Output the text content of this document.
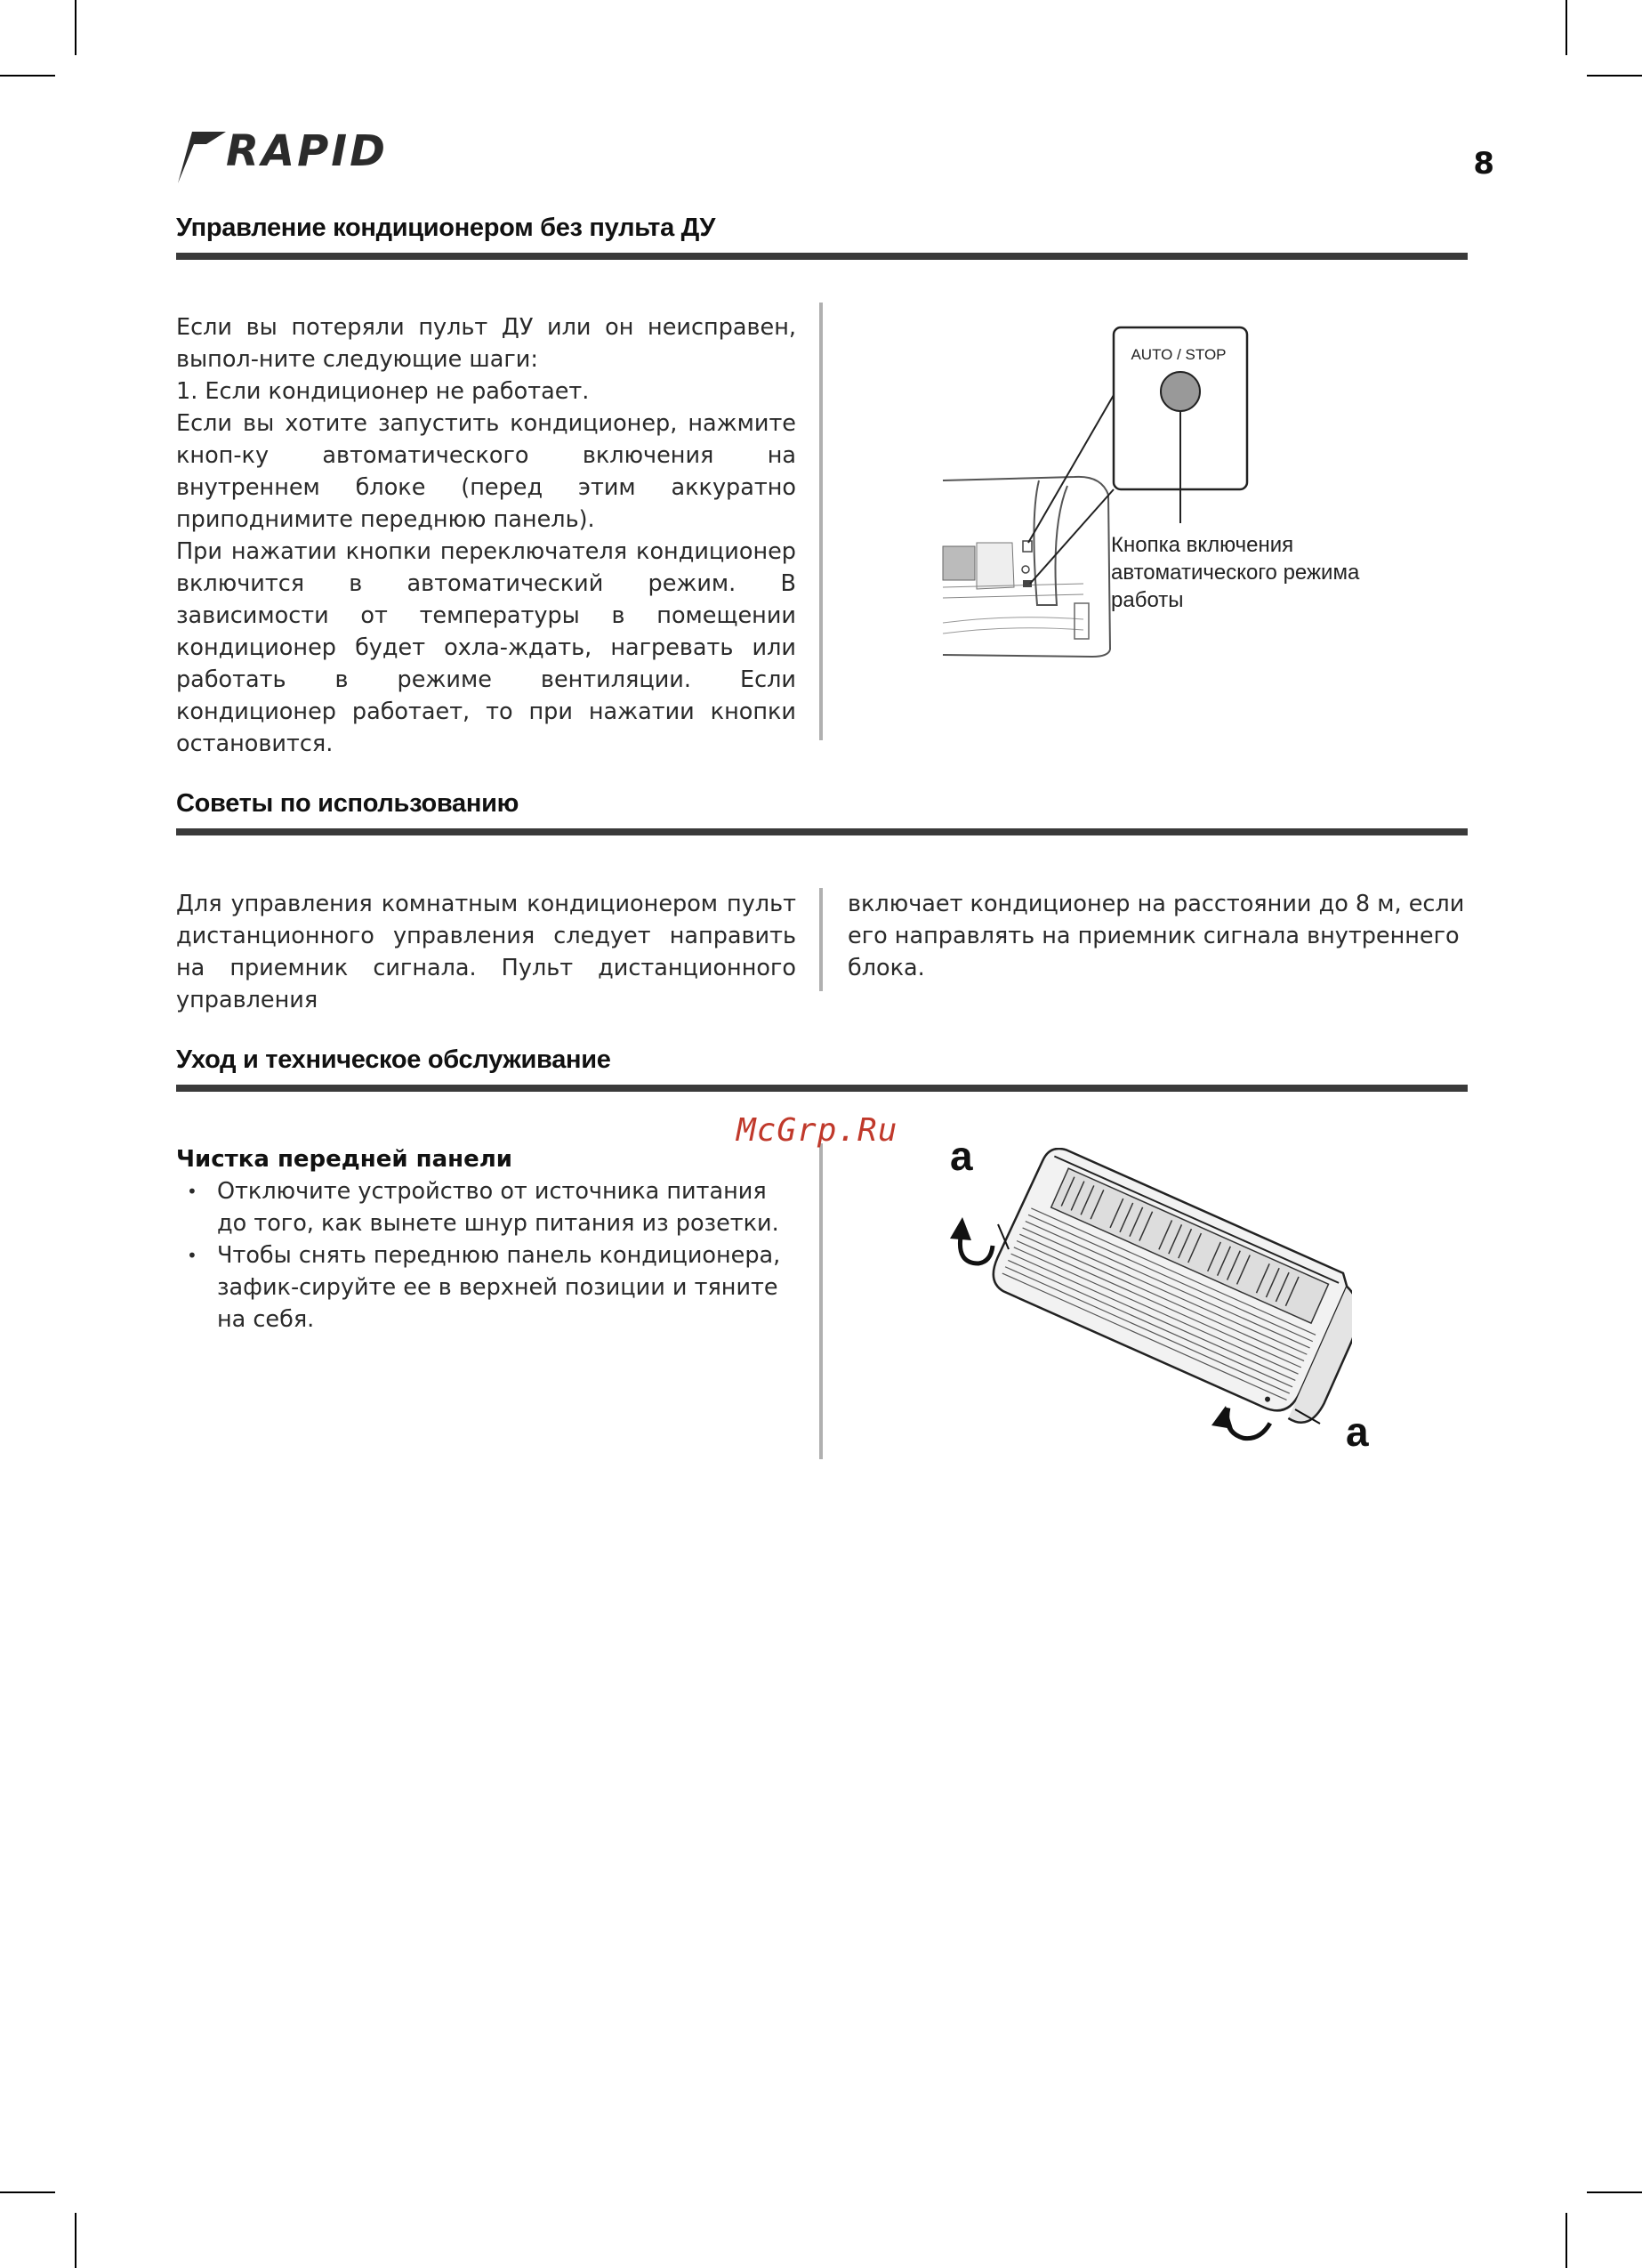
RAPID	8
Управление кондиционером без пульта ДУ

Если вы потеряли пульт ДУ или он неисправен, выпол-ните следующие шаги:

1. Если кондиционер не работает.

Если вы хотите запустить кондиционер, нажмите кноп-ку автоматического включения на внутреннем блоке (перед этим аккуратно приподнимите переднюю панель).

При нажатии кнопки переключателя кондиционер включится в автоматический режим. В зависимости от температуры в помещении кондиционер будет охла-ждать, нагревать или работать в режиме вентиляции. Если кондиционер работает, то при нажатии кнопки остановится.

AUTO / STOP
Кнопка включения автоматического режима работы
Советы по использованию
Для управления комнатным кондиционером пульт дистанционного управления следует направить на приемник сигнала. Пульт дистанционного управления
включает кондиционер на расстоянии до 8 м, если его направлять на приемник сигнала внутреннего блока.
Уход и техническое обслуживание

Чистка передней панели

• Отключите устройство от источника питания до того, как вынете шнур питания из розетки.

• Чтобы снять переднюю панель кондиционера, зафик-сируйте ее в верхней позиции и тяните на себя.

McGrp.Ru
a
a
